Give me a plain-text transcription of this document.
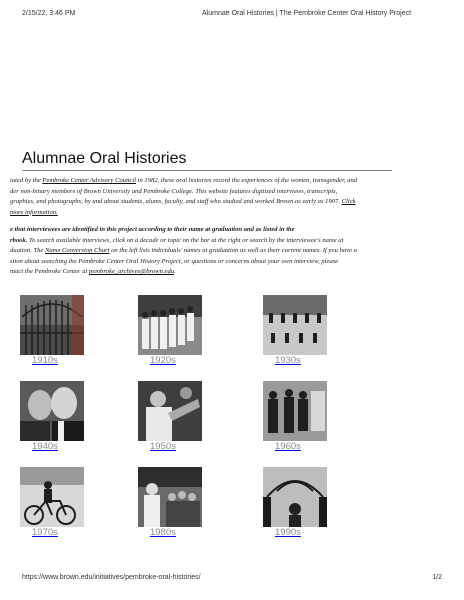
2/15/22, 3:46 PM	Alumnae Oral Histories | The Pembroke Center Oral History Project
Alumnae Oral Histories

iated by the Pembroke Center Advisory Council in 1982, these oral histories record the experiences of the women, transgender, and
der non-binary members of Brown University and Pembroke College. This website features digitized interviews, transcripts,
graphies, and photographs, by and about students, alums, faculty, and staff who studied and worked Brown as early as 1907. Click
more information.

e that interviewees are identified in this project according to their name at graduation and as listed in the
rbook. To search available interviews, click on a decade or topic on the bar at the right or search by the interviewee's name at
duation. The Name Conversion Chart on the left lists individuals' names at graduation as well as their current names. If you have a
stion about searching the Pembroke Center Oral History Project, or questions or concerns about your own interview, please
ntact the Pembroke Center at pembroke_archives@brown.edu.

1910s	1920s	1930s
1940s	1950s	1960s
1970s	1980s	1990s
https://www.brown.edu/initiatives/pembroke-oral-histories/	1/2
